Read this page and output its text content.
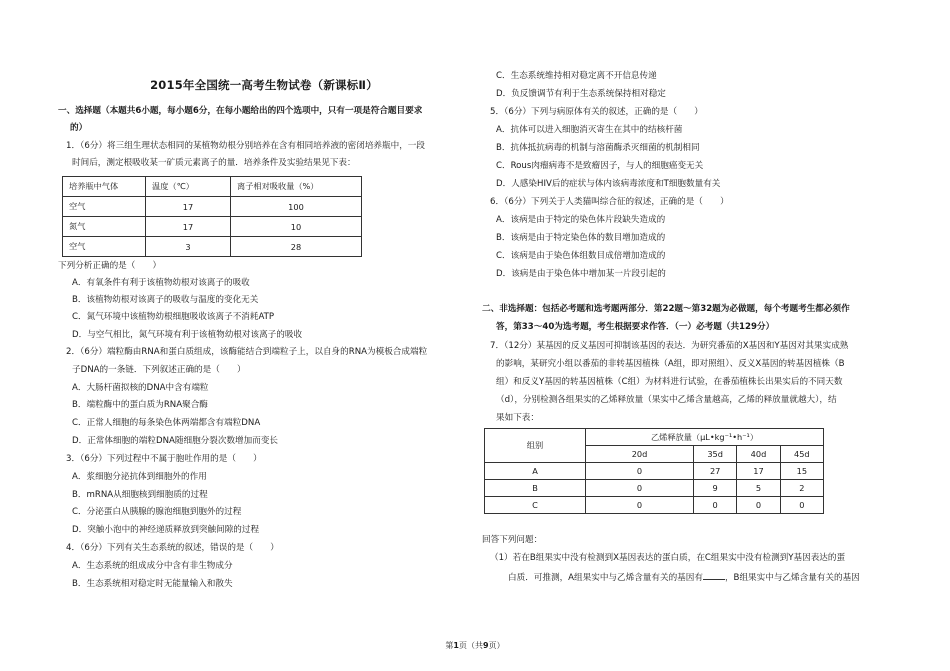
2015年全国统一高考生物试卷（新课标Ⅱ）
一、选择题（本题共6小题，每小题6分，在每小题给出的四个选项中，只有一项是符合题目要求
的）
1．（6分）将三组生理状态相同的某植物幼根分别培养在含有相同培养液的密闭培养瓶中，一段
时间后，测定根吸收某一矿质元素离子的量．培养条件及实验结果见下表：
培养瓶中气体	温度（℃）	离子相对吸收量（%）
空气	17	100
氮气	17	10
空气	3	28
下列分析正确的是（　　）
A．有氧条件有利于该植物幼根对该离子的吸收
B．该植物幼根对该离子的吸收与温度的变化无关
C．氮气环境中该植物幼根细胞吸收该离子不消耗ATP
D．与空气相比，氮气环境有利于该植物幼根对该离子的吸收
2．（6分）端粒酶由RNA和蛋白质组成，该酶能结合到端粒子上，以自身的RNA为模板合成端粒
子DNA的一条链．下列叙述正确的是（　　）
A．大肠杆菌拟核的DNA中含有端粒
B．端粒酶中的蛋白质为RNA聚合酶
C．正常人细胞的每条染色体两端都含有端粒DNA
D．正常体细胞的端粒DNA随细胞分裂次数增加而变长
3．（6分）下列过程中不属于胞吐作用的是（　　）
A．浆细胞分泌抗体到细胞外的作用
B．mRNA从细胞核到细胞质的过程
C．分泌蛋白从胰腺的腺泡细胞到胞外的过程
D．突触小泡中的神经递质释放到突触间隙的过程
4．（6分）下列有关生态系统的叙述，错误的是（　　）
A．生态系统的组成成分中含有非生物成分
B．生态系统相对稳定时无能量输入和散失
C．生态系统维持相对稳定离不开信息传递
D．负反馈调节有利于生态系统保持相对稳定
5．（6分）下列与病原体有关的叙述，正确的是（　　）
A．抗体可以进入细胞消灭寄生在其中的结核杆菌
B．抗体抵抗病毒的机制与溶菌酶杀灭细菌的机制相同
C．Rous肉瘤病毒不是致瘤因子，与人的细胞癌变无关
D．人感染HIV后的症状与体内该病毒浓度和T细胞数量有关
6．（6分）下列关于人类猫叫综合征的叙述，正确的是（　　）
A．该病是由于特定的染色体片段缺失造成的
B．该病是由于特定染色体的数目增加造成的
C．该病是由于染色体组数目成倍增加造成的
D．该病是由于染色体中增加某一片段引起的
二、非选择题：包括必考题和选考题两部分．第22题～第32题为必做题，每个考题考生都必须作
答，第33～40为选考题，考生根据要求作答．（一）必考题（共129分）
7．（12分）某基因的反义基因可抑制该基因的表达．为研究番茄的X基因和Y基因对其果实成熟
的影响，某研究小组以番茄的非转基因植株（A组，即对照组）、反义X基因的转基因植株（B
组）和反义Y基因的转基因植株（C组）为材料进行试验，在番茄植株长出果实后的不同天数
（d），分别检测各组果实的乙烯释放量（果实中乙烯含量越高，乙烯的释放量就越大），结
果如下表：
组别	乙烯释放量（μL•kg⁻¹•h⁻¹）			
	20d	35d	40d	45d
A	0	27	17	15
B	0	9	5	2
C	0	0	0	0
回答下列问题：
（1）若在B组果实中没有检测到X基因表达的蛋白质，在C组果实中没有检测到Y基因表达的蛋
白质．可推测，A组果实中与乙烯含量有关的基因有	，B组果实中与乙烯含量有关的基因
第1页（共9页）
